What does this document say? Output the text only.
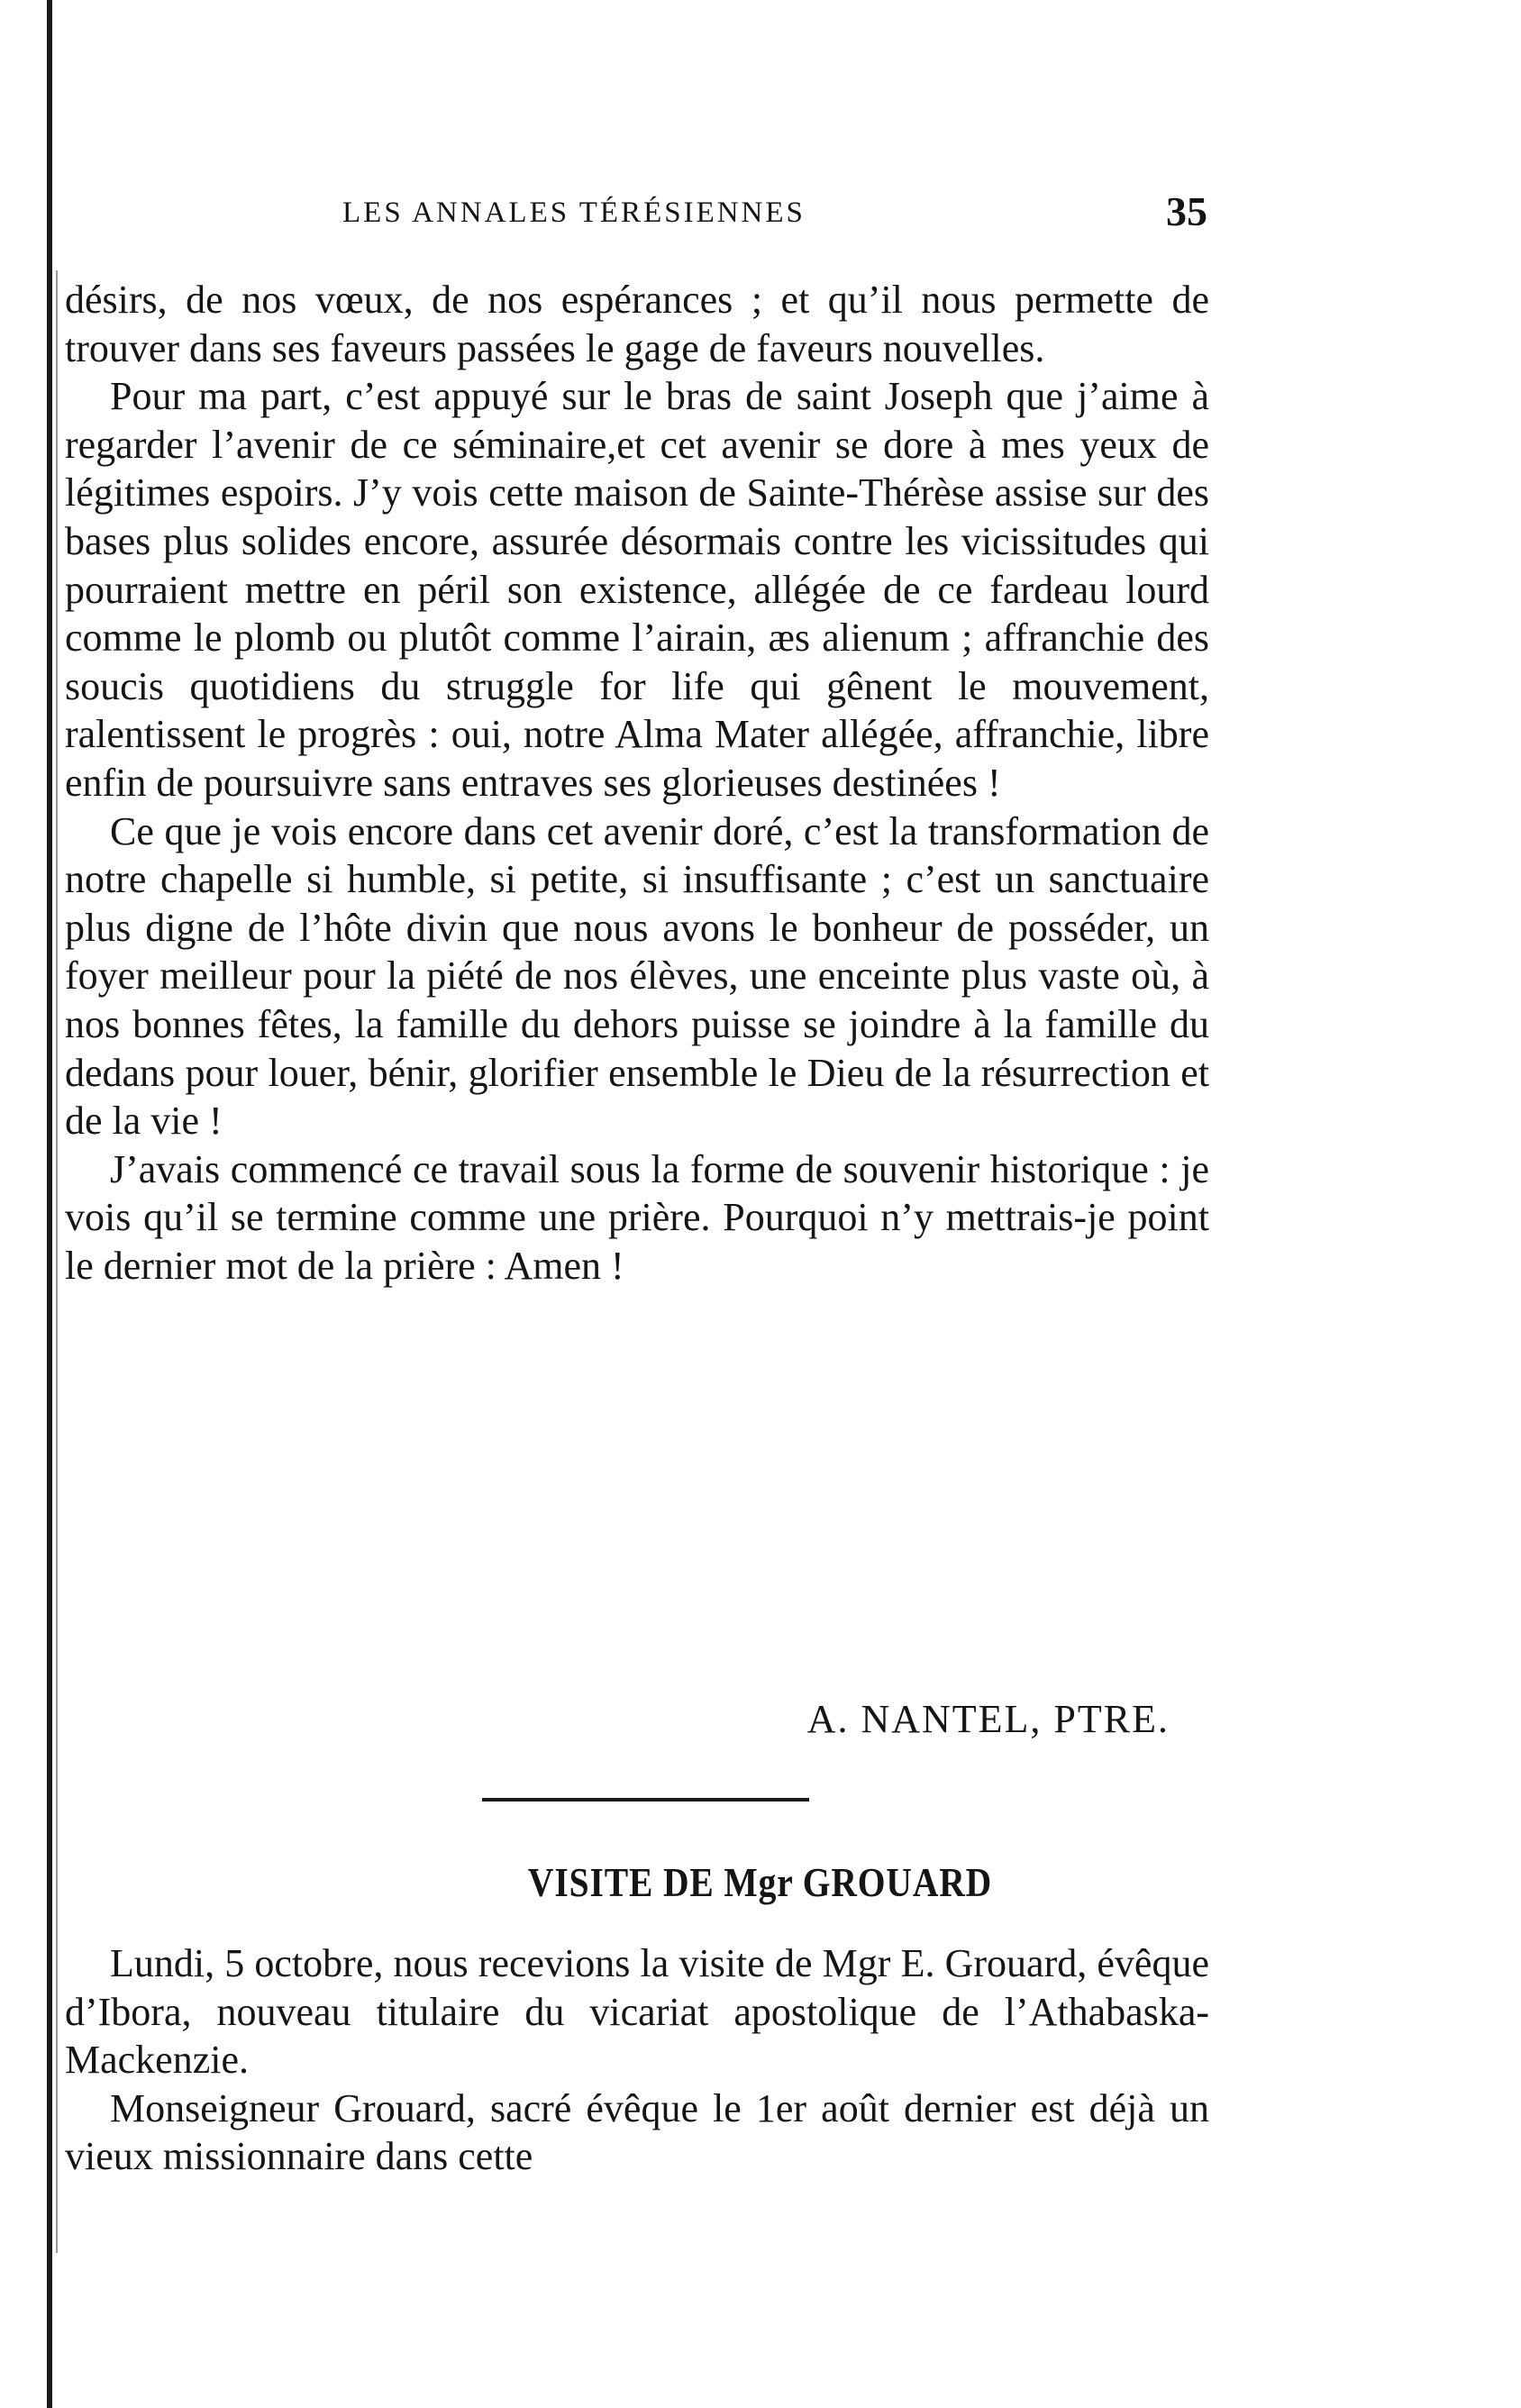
LES ANNALES TÉRÉSIENNES	35

désirs, de nos vœux, de nos espérances ; et qu’il nous permette de trouver dans ses faveurs passées le gage de faveurs nouvelles.

Pour ma part, c’est appuyé sur le bras de saint Joseph que j’aime à regarder l’avenir de ce séminaire,et cet avenir se dore à mes yeux de légitimes espoirs. J’y vois cette maison de Sainte-Thérèse assise sur des bases plus solides encore, assurée désormais contre les vicissitudes qui pourraient mettre en péril son existence, allégée de ce fardeau lourd comme le plomb ou plutôt comme l’airain, æs alienum ; affranchie des soucis quotidiens du struggle for life qui gênent le mouvement, ralentissent le progrès : oui, notre Alma Mater allégée, affranchie, libre enfin de poursuivre sans entraves ses glorieuses destinées !

Ce que je vois encore dans cet avenir doré, c’est la transformation de notre chapelle si humble, si petite, si insuffisante ; c’est un sanctuaire plus digne de l’hôte divin que nous avons le bonheur de posséder, un foyer meilleur pour la piété de nos élèves, une enceinte plus vaste où, à nos bonnes fêtes, la famille du dehors puisse se joindre à la famille du dedans pour louer, bénir, glorifier ensemble le Dieu de la résurrection et de la vie !

J’avais commencé ce travail sous la forme de souvenir historique : je vois qu’il se termine comme une prière. Pourquoi n’y mettrais-je point le dernier mot de la prière : Amen !

A. NANTEL, PTRE.
VISITE DE Mgr GROUARD

Lundi, 5 octobre, nous recevions la visite de Mgr E. Grouard, évêque d’Ibora, nouveau titulaire du vicariat apostolique de l’Athabaska-Mackenzie.

Monseigneur Grouard, sacré évêque le 1er août dernier est déjà un vieux missionnaire dans cette
